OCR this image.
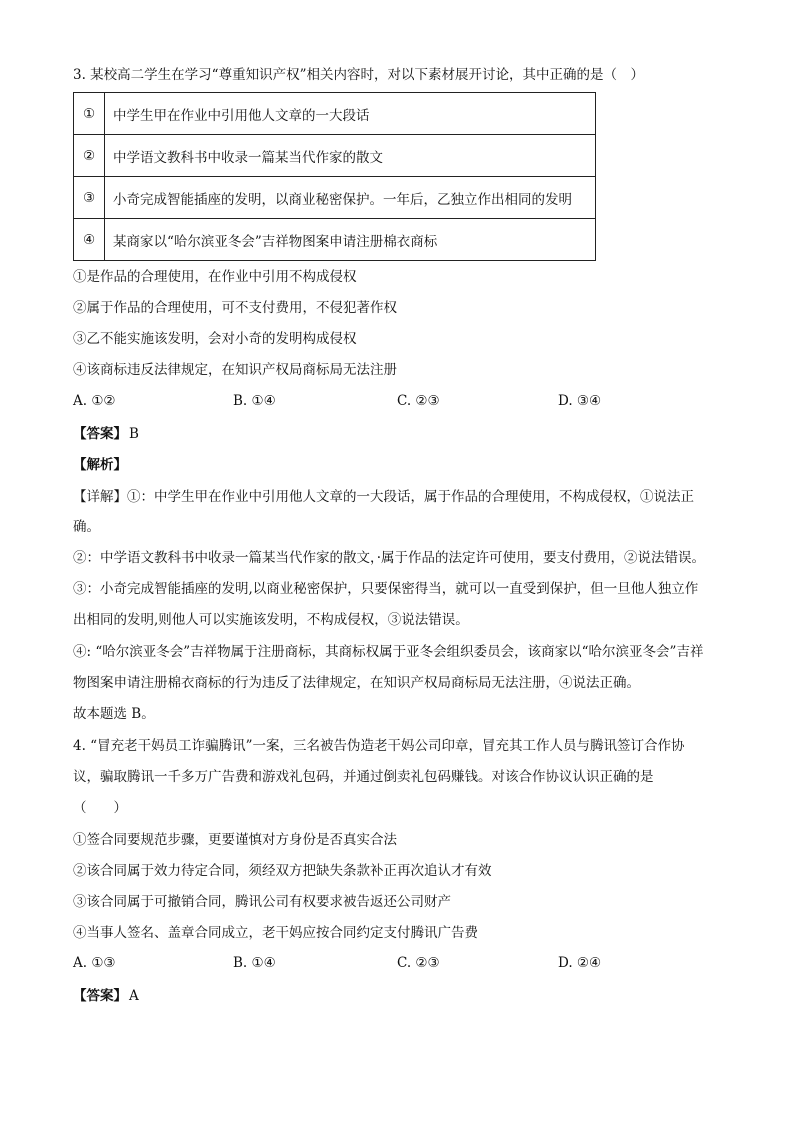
3. 某校高二学生在学习“尊重知识产权”相关内容时，对以下素材展开讨论，其中正确的是（　）
①	中学生甲在作业中引用他人文章的一大段话
②	中学语文教科书中收录一篇某当代作家的散文
③	小奇完成智能插座的发明，以商业秘密保护。一年后，乙独立作出相同的发明
④	某商家以“哈尔滨亚冬会”吉祥物图案申请注册棉衣商标
①是作品的合理使用，在作业中引用不构成侵权
②属于作品的合理使用，可不支付费用，不侵犯著作权
③乙不能实施该发明，会对小奇的发明构成侵权
④该商标违反法律规定，在知识产权局商标局无法注册
A. ①②	B. ①④	C. ②③	D. ③④
【答案】 B
【解析】
【详解】①：中学生甲在作业中引用他人文章的一大段话，属于作品的合理使用，不构成侵权，①说法正
确。
②：中学语文教科书中收录一篇某当代作家的散文，·属于作品的法定许可使用，要支付费用，②说法错误。
③：小奇完成智能插座的发明,以商业秘密保护，只要保密得当，就可以一直受到保护，但一旦他人独立作
出相同的发明,则他人可以实施该发明，不构成侵权，③说法错误。
④: “哈尔滨亚冬会”吉祥物属于注册商标，其商标权属于亚冬会组织委员会，该商家以“哈尔滨亚冬会”吉祥
物图案申请注册棉衣商标的行为违反了法律规定，在知识产权局商标局无法注册，④说法正确。
故本题选 B。
4. “冒充老干妈员工诈骗腾讯”一案，三名被告伪造老干妈公司印章，冒充其工作人员与腾讯签订合作协
议，骗取腾讯一千多万广告费和游戏礼包码，并通过倒卖礼包码赚钱。对该合作协议认识正确的是
（　　）
①签合同要规范步骤，更要谨慎对方身份是否真实合法
②该合同属于效力待定合同，须经双方把缺失条款补正再次追认才有效
③该合同属于可撤销合同，腾讯公司有权要求被告返还公司财产
④当事人签名、盖章合同成立，老干妈应按合同约定支付腾讯广告费
A. ①③	B. ①④	C. ②③	D. ②④
【答案】 A
